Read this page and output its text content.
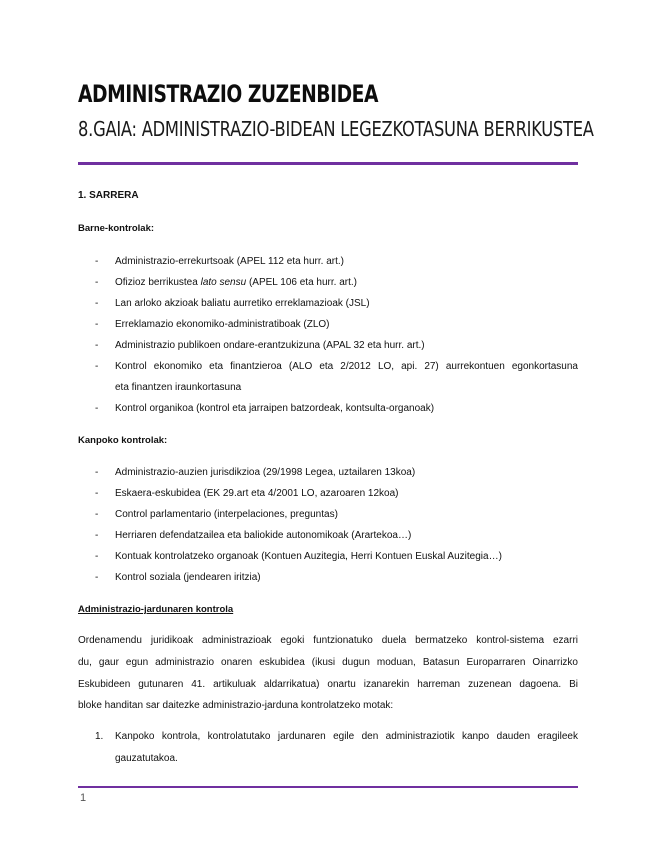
ADMINISTRAZIO ZUZENBIDEA
8.GAIA: ADMINISTRAZIO-BIDEAN LEGEZKOTASUNA BERRIKUSTEA
1. SARRERA
Barne-kontrolak:
- Administrazio-errekurtsoak (APEL 112 eta hurr. art.)
- Ofizioz berrikustea lato sensu (APEL 106 eta hurr. art.)
- Lan arloko akzioak baliatu aurretiko erreklamazioak (JSL)
- Erreklamazio ekonomiko-administratiboak (ZLO)
- Administrazio publikoen ondare-erantzukizuna (APAL 32 eta hurr. art.)
- Kontrol ekonomiko eta finantzieroa (ALO eta 2/2012 LO, api. 27) aurrekontuen egonkortasuna
eta finantzen iraunkortasuna
- Kontrol organikoa (kontrol eta jarraipen batzordeak, kontsulta-organoak)
Kanpoko kontrolak:
- Administrazio-auzien jurisdikzioa (29/1998 Legea, uztailaren 13koa)
- Eskaera-eskubidea (EK 29.art eta 4/2001 LO, azaroaren 12koa)
- Control parlamentario (interpelaciones, preguntas)
- Herriaren defendatzailea eta baliokide autonomikoak (Arartekoa…)
- Kontuak kontrolatzeko organoak (Kontuen Auzitegia, Herri Kontuen Euskal Auzitegia…)
- Kontrol soziala (jendearen iritzia)
Administrazio-jardunaren kontrola
Ordenamendu juridikoak administrazioak egoki funtzionatuko duela bermatzeko kontrol-sistema ezarri
du, gaur egun administrazio onaren eskubidea (ikusi dugun moduan, Batasun Europarraren Oinarrizko
Eskubideen gutunaren 41. artikuluak aldarrikatua) onartu izanarekin harreman zuzenean dagoena. Bi
bloke handitan sar daitezke administrazio-jarduna kontrolatzeko motak:
1. Kanpoko kontrola, kontrolatutako jardunaren egile den administraziotik kanpo dauden eragileek
gauzatutakoa.
1
